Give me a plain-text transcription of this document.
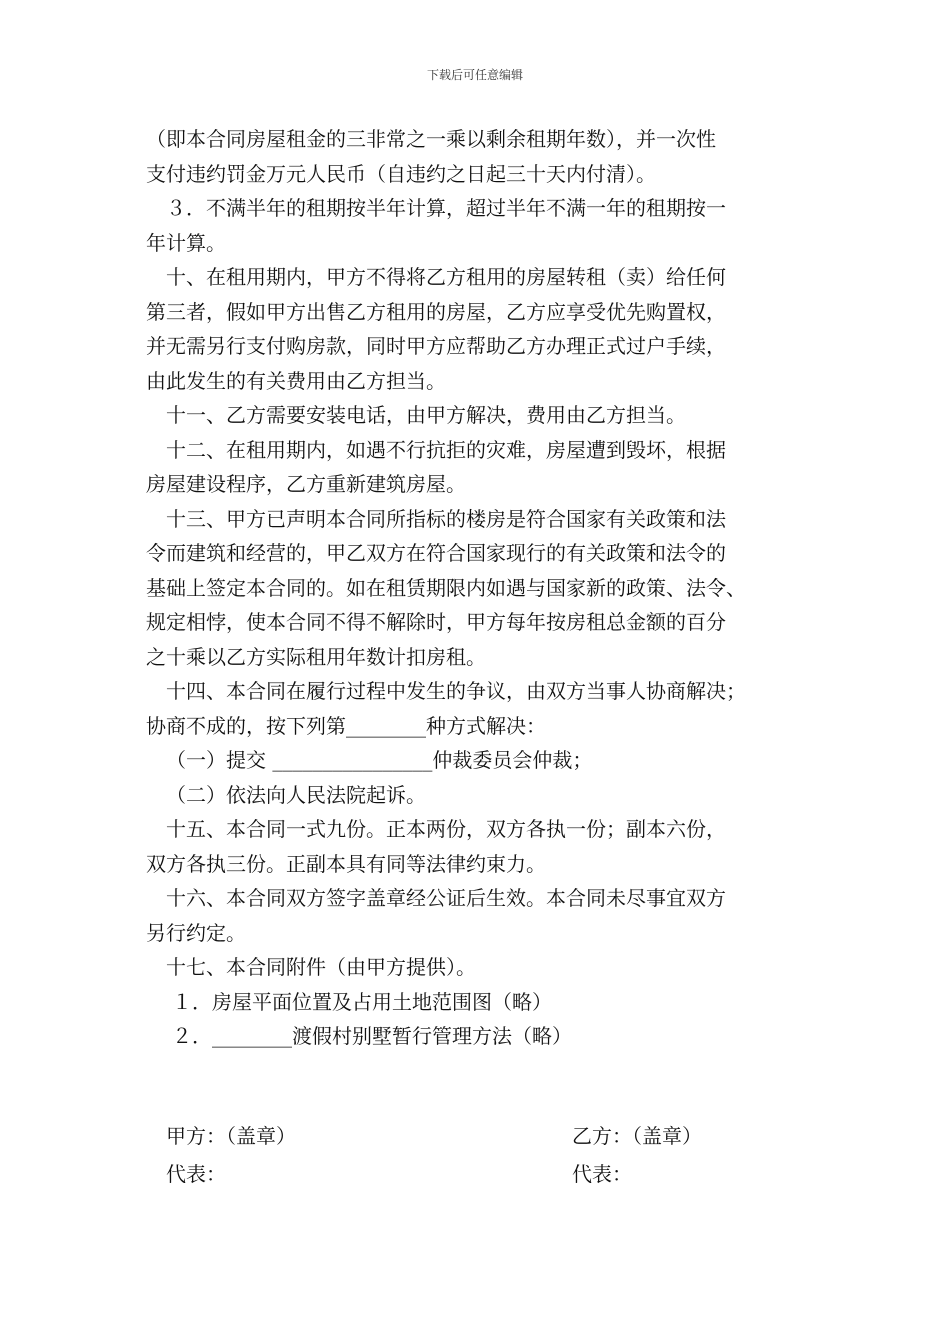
下载后可任意编辑
（即本合同房屋租金的三非常之一乘以剩余租期年数），并一次性
支付违约罚金万元人民币（自违约之日起三十天内付清）。
３．不满半年的租期按半年计算，超过半年不满一年的租期按一
年计算。
十、在租用期内，甲方不得将乙方租用的房屋转租（卖）给任何
第三者，假如甲方出售乙方租用的房屋，乙方应享受优先购置权，
并无需另行支付购房款，同时甲方应帮助乙方办理正式过户手续，
由此发生的有关费用由乙方担当。
十一、乙方需要安装电话，由甲方解决，费用由乙方担当。
十二、在租用期内，如遇不行抗拒的灾难，房屋遭到毁坏，根据
房屋建设程序，乙方重新建筑房屋。
十三、甲方已声明本合同所指标的楼房是符合国家有关政策和法
令而建筑和经营的，甲乙双方在符合国家现行的有关政策和法令的
基础上签定本合同的。如在租赁期限内如遇与国家新的政策、法令、
规定相悖，使本合同不得不解除时，甲方每年按房租总金额的百分
之十乘以乙方实际租用年数计扣房租。
十四、本合同在履行过程中发生的争议，由双方当事人协商解决；
协商不成的，按下列第________种方式解决：
（一）提交 ________________仲裁委员会仲裁；
（二）依法向人民法院起诉。
十五、本合同一式九份。正本两份，双方各执一份；副本六份，
双方各执三份。正副本具有同等法律约束力。
十六、本合同双方签字盖章经公证后生效。本合同未尽事宜双方
另行约定。
十七、本合同附件（由甲方提供）。
１．房屋平面位置及占用土地范围图（略）
２．________渡假村别墅暂行管理方法（略）
甲方：（盖章）	乙方：（盖章）
代表：	代表：
